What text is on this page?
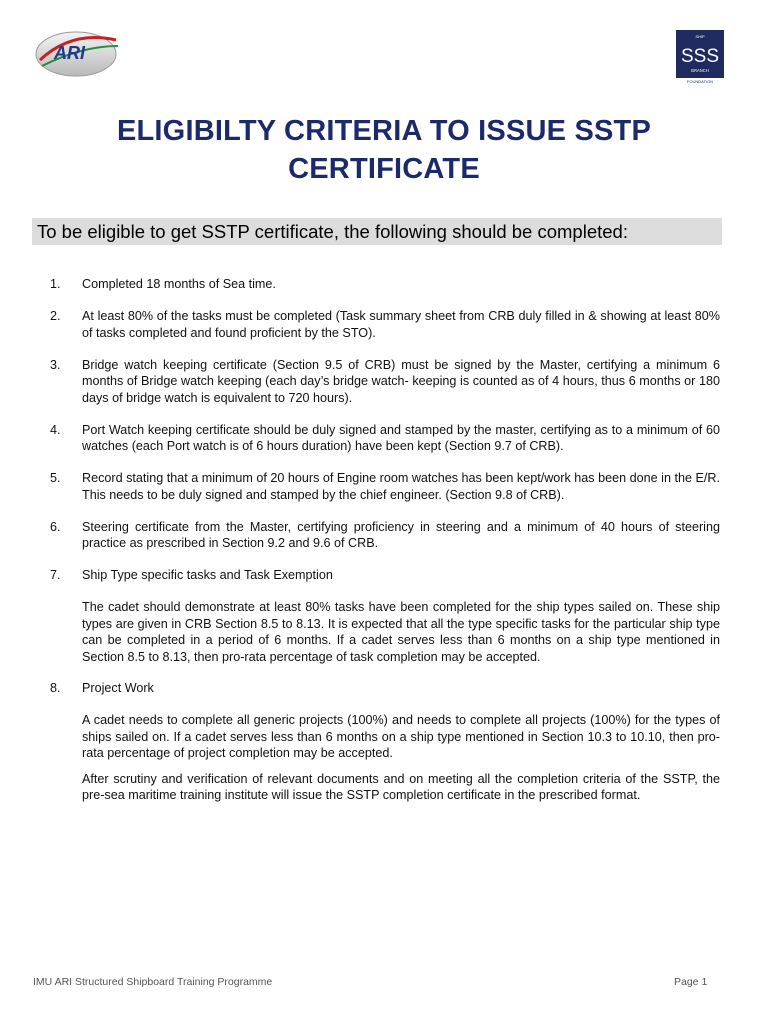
ARI
SHIP
SSS
BRANCH
FOUNDATION
ELIGIBILTY CRITERIA TO ISSUE SSTP
CERTIFICATE
To be eligible to get SSTP certificate, the following should be completed:
1.	Completed 18 months of Sea time.
2.	At least 80% of the tasks must be completed (Task summary sheet from CRB duly filled in & showing at least 80% of tasks completed and found proficient by the STO).
3.	Bridge watch keeping certificate (Section 9.5 of CRB) must be signed by the Master, certifying a minimum 6 months of Bridge watch keeping (each day’s bridge watch- keeping is counted as of 4 hours, thus 6 months or 180 days of bridge watch is equivalent to 720 hours).
4.	Port Watch keeping certificate should be duly signed and stamped by the master, certifying as to a minimum of 60 watches (each Port watch is of 6 hours duration) have been kept (Section 9.7 of CRB).
5.	Record stating that a minimum of 20 hours of Engine room watches has been kept/work has been done in the E/R. This needs to be duly signed and stamped by the chief engineer. (Section 9.8 of CRB).
6.	Steering certificate from the Master, certifying proficiency in steering and a minimum of 40 hours of steering practice as prescribed in Section 9.2 and 9.6 of CRB.
7.	Ship Type specific tasks and Task Exemption
The cadet should demonstrate at least 80% tasks have been completed for the ship types sailed on. These ship types are given in CRB Section 8.5 to 8.13. It is expected that all the type specific tasks for the particular ship type can be completed in a period of 6 months. If a cadet serves less than 6 months on a ship type mentioned in Section 8.5 to 8.13, then pro-rata percentage of task completion may be accepted.
8.	Project Work
A cadet needs to complete all generic projects (100%) and needs to complete all projects (100%) for the types of ships sailed on. If a cadet serves less than 6 months on a ship type mentioned in Section 10.3 to 10.10, then pro-rata percentage of project completion may be accepted.
After scrutiny and verification of relevant documents and on meeting all the completion criteria of the SSTP, the pre-sea maritime training institute will issue the SSTP completion certificate in the prescribed format.
IMU ARI Structured Shipboard Training Programme	Page 1
